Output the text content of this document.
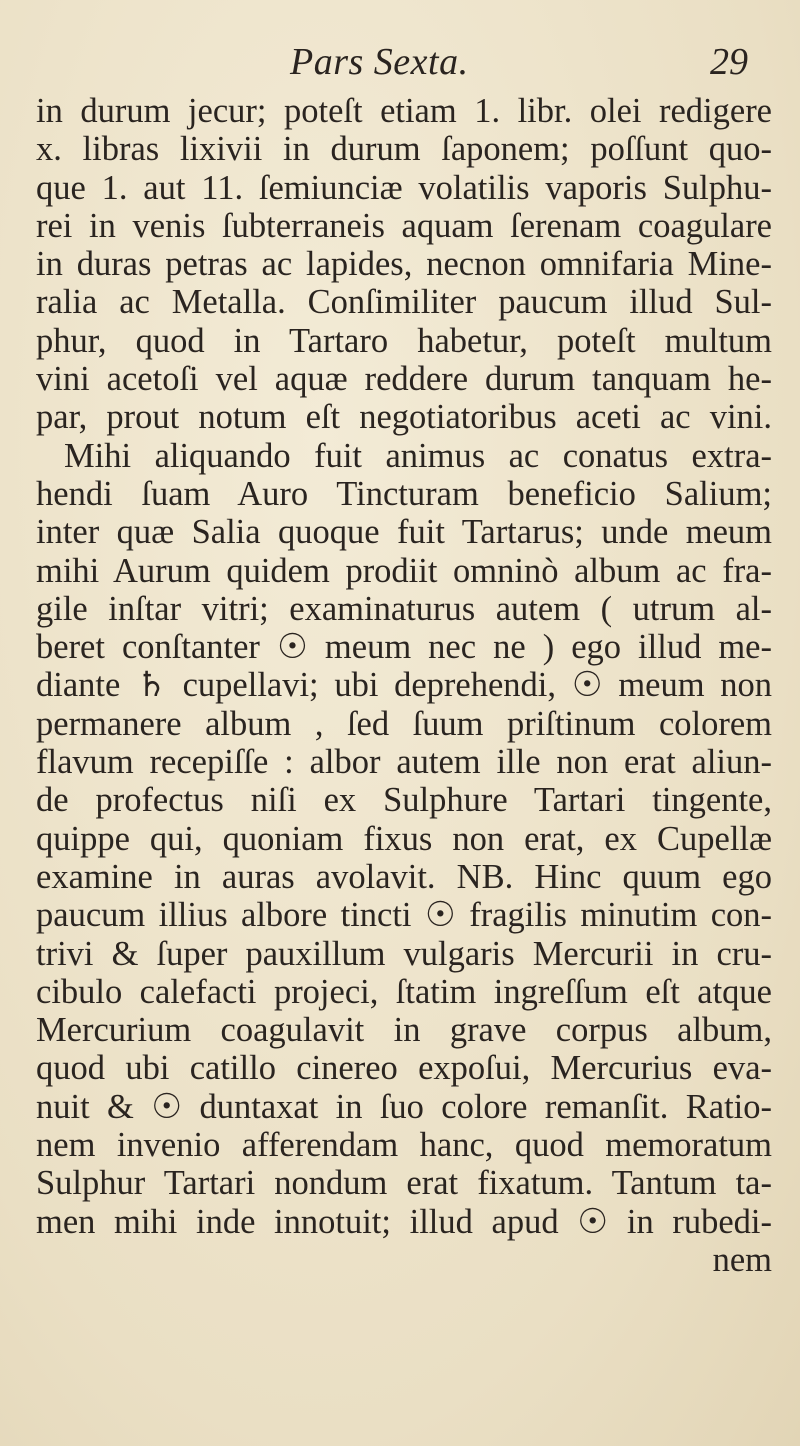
Pars Sexta.	29
in durum jecur; poteſt etiam 1. libr. olei redigere
x. libras lixivii in durum ſaponem; poſſunt quo-
que 1. aut 11. ſemiunciæ volatilis vaporis Sulphu-
rei in venis ſubterraneis aquam ſerenam coagulare
in duras petras ac lapides, necnon omnifaria Mine-
ralia ac Metalla. Conſimiliter paucum illud Sul-
phur, quod in Tartaro habetur, poteſt multum
vini acetoſi vel aquæ reddere durum tanquam he-
par, prout notum eſt negotiatoribus aceti ac vini.
Mihi aliquando fuit animus ac conatus extra-
hendi ſuam Auro Tincturam beneficio Salium;
inter quæ Salia quoque fuit Tartarus; unde meum
mihi Aurum quidem prodiit omninò album ac fra-
gile inſtar vitri; examinaturus autem ( utrum al-
beret conſtanter ☉ meum nec ne ) ego illud me-
diante ♄ cupellavi; ubi deprehendi, ☉ meum non
permanere album , ſed ſuum priſtinum colorem
flavum recepiſſe : albor autem ille non erat aliun-
de profectus niſi ex Sulphure Tartari tingente,
quippe qui, quoniam fixus non erat, ex Cupellæ
examine in auras avolavit. NB. Hinc quum ego
paucum illius albore tincti ☉ fragilis minutim con-
trivi & ſuper pauxillum vulgaris Mercurii in cru-
cibulo calefacti projeci, ſtatim ingreſſum eſt atque
Mercurium coagulavit in grave corpus album,
quod ubi catillo cinereo expoſui, Mercurius eva-
nuit & ☉ duntaxat in ſuo colore remanſit. Ratio-
nem invenio afferendam hanc, quod memoratum
Sulphur Tartari nondum erat fixatum. Tantum ta-
men mihi inde innotuit; illud apud ☉ in rubedi-
nem
